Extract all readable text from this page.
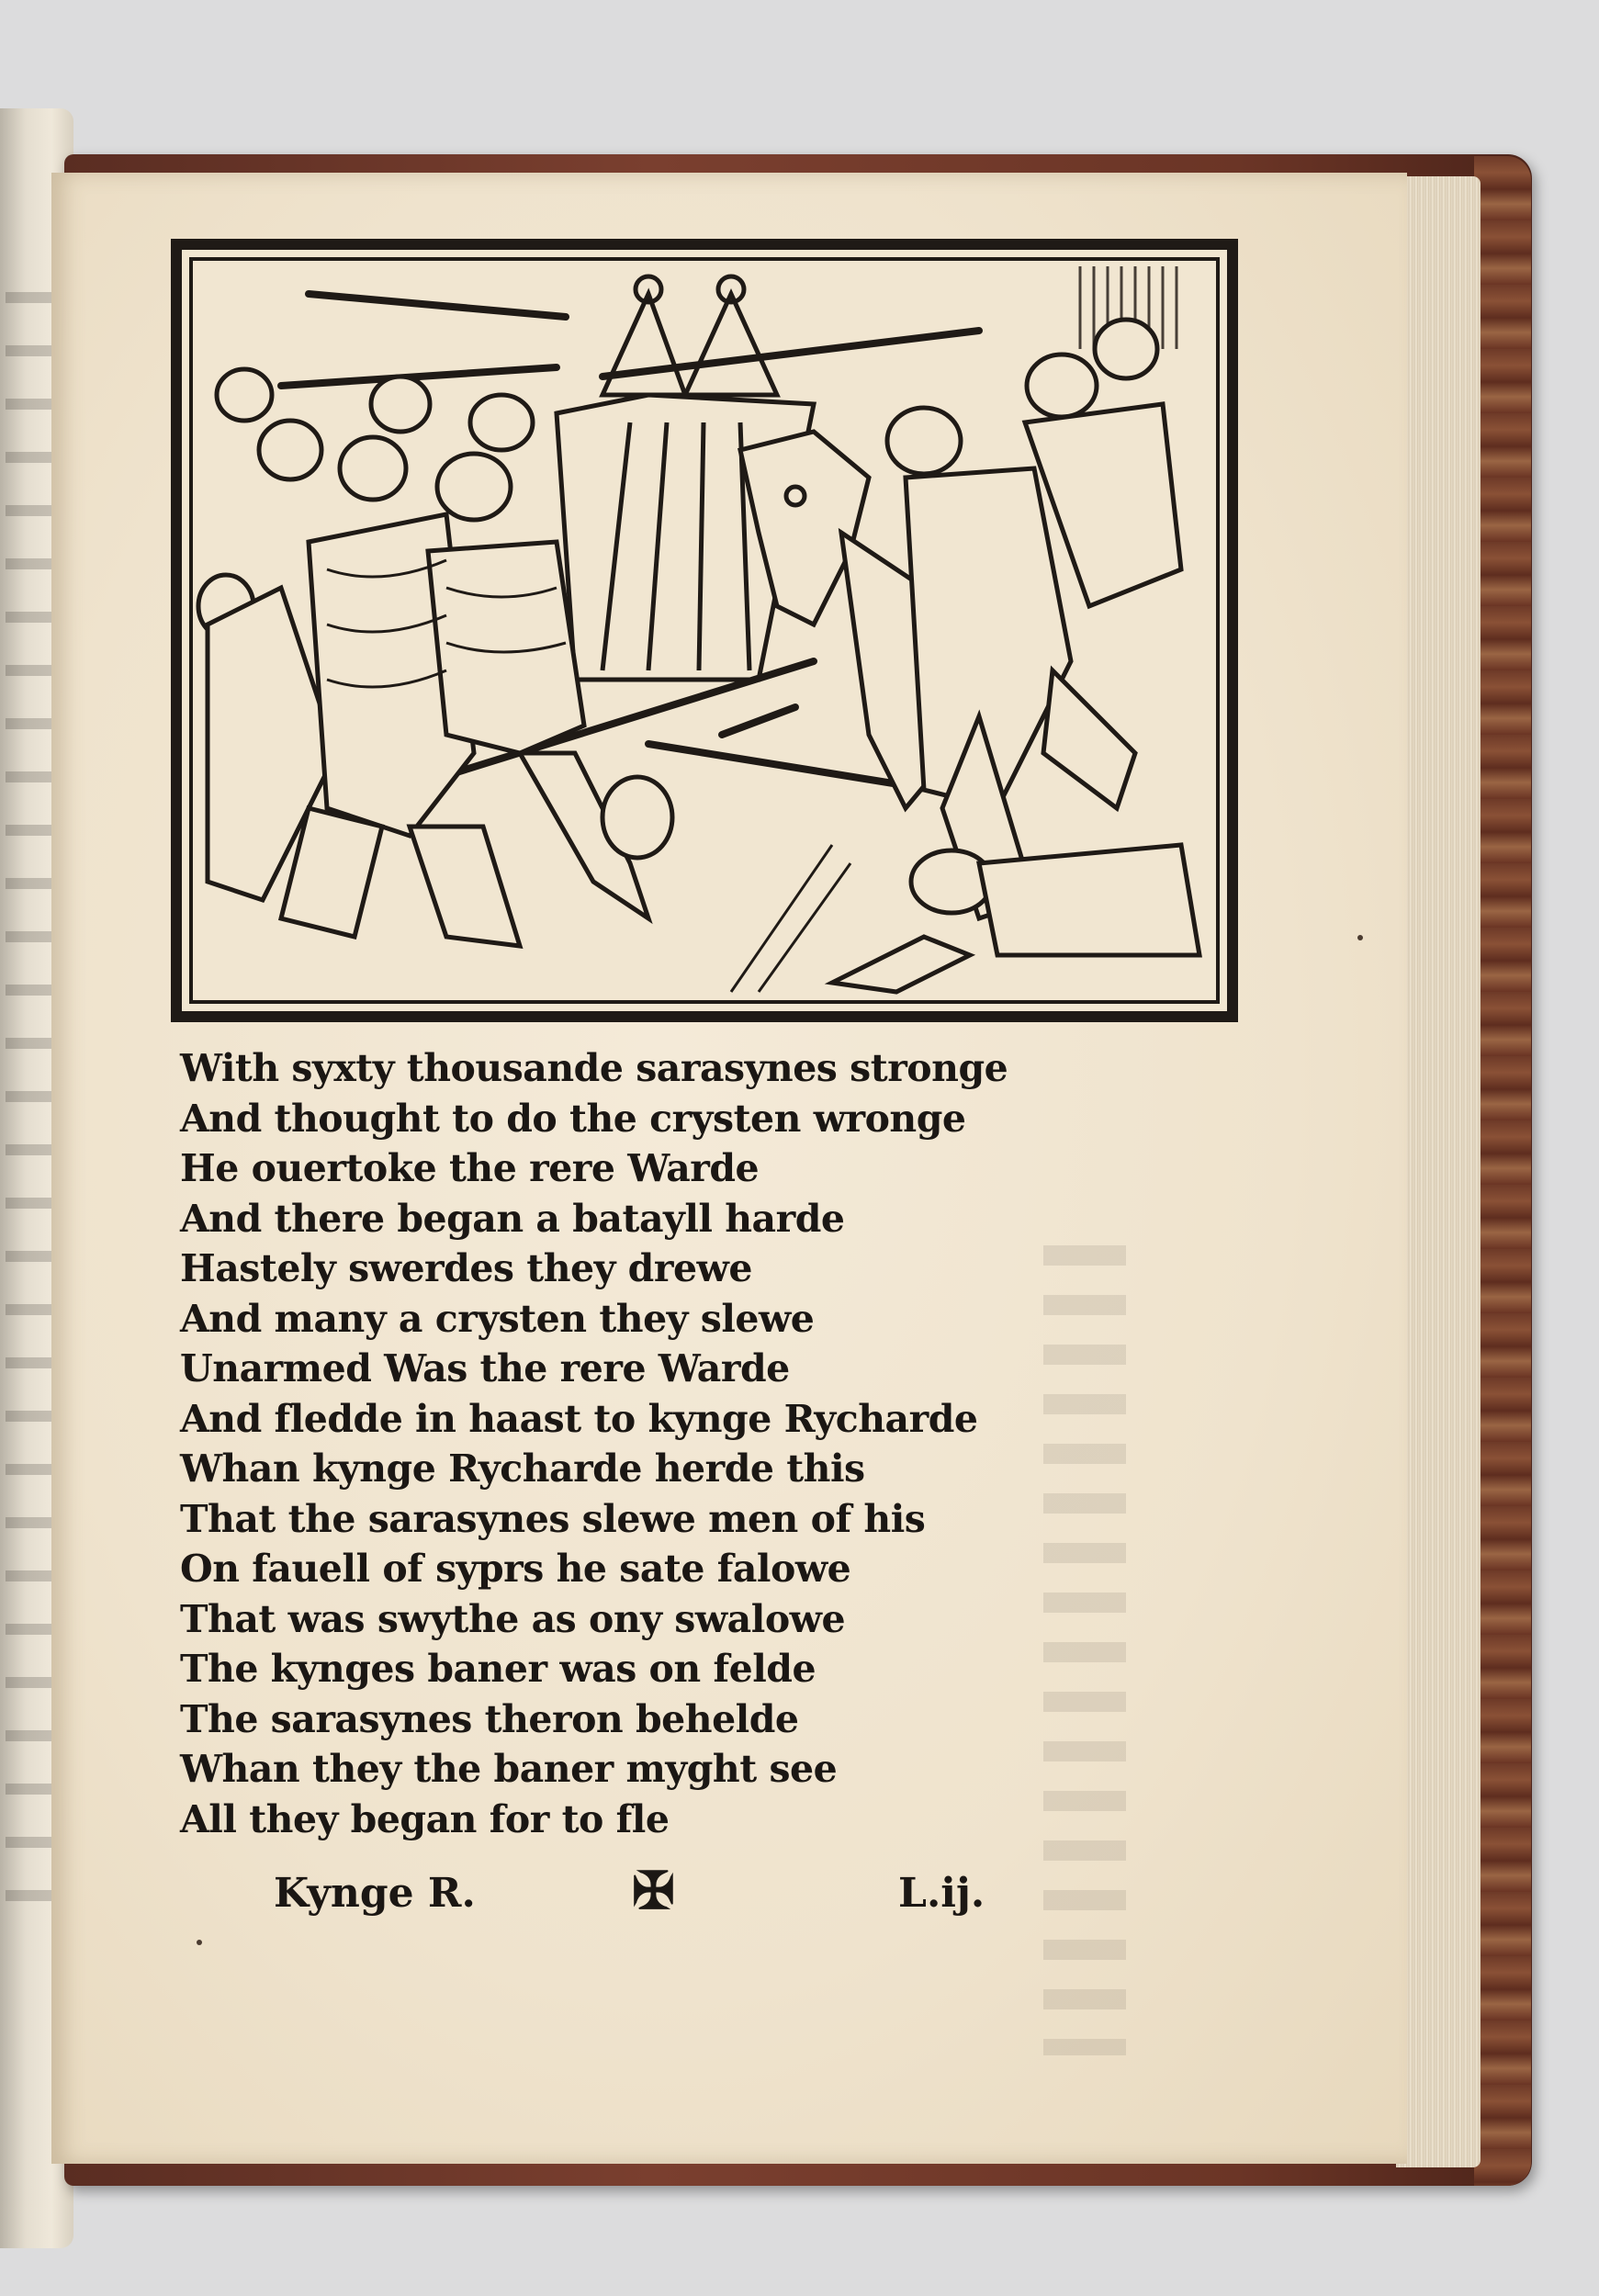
With syxty thousande sarasynes stronge
And thought to do the crysten wronge
He ouertoke the rere Warde
And there began a batayll harde
Hastely swerdes they drewe
And many a crysten they slewe
Unarmed Was the rere Warde
And fledde in haast to kynge Rycharde
Whan kynge Rycharde herde this
That the sarasynes slewe men of his
On fauell of syprs he sate falowe
That was swythe as ony swalowe
The kynges baner was on felde
The sarasynes theron behelde
Whan they the baner myght see
All they began for to fle
Kynge R.	✠	L.ij.
